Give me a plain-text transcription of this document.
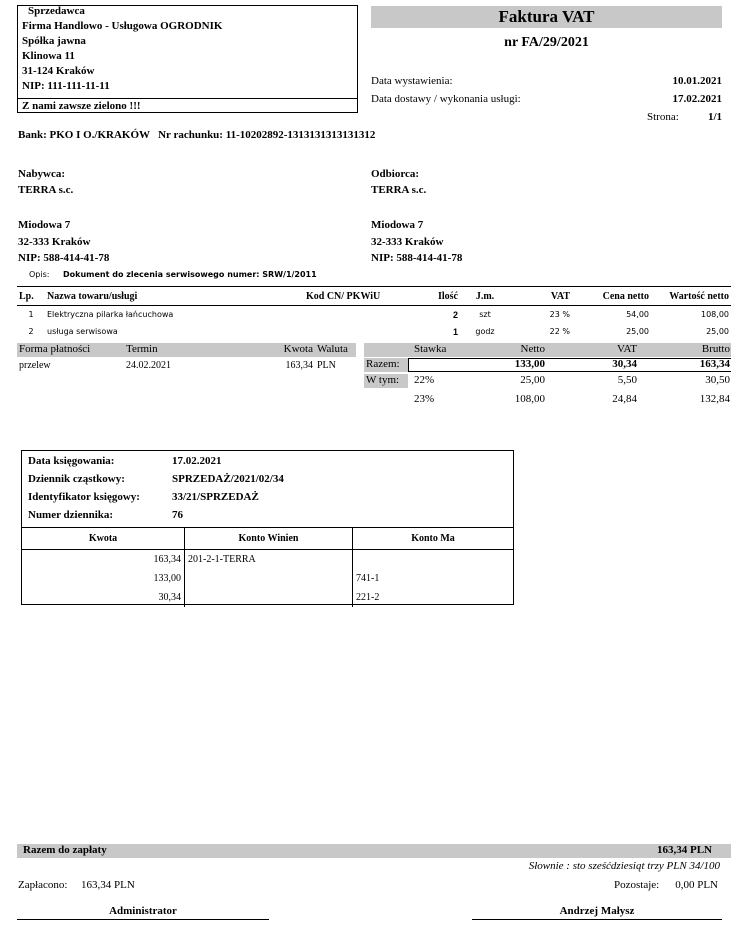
Sprzedawca
Firma Handlowo - Usługowa OGRODNIK
Spółka jawna
Klinowa 11
31-124 Kraków
NIP: 111-111-11-11
Z nami zawsze zielono !!!
Faktura VAT
nr FA/29/2021
Data wystawienia:	10.01.2021
Data dostawy / wykonania usługi:	17.02.2021
Strona:	1/1
Bank: PKO I O./KRAKÓW   Nr rachunku: 11-10202892-1313131313131312
Nabywca:
TERRA s.c.
Miodowa 7
32-333 Kraków
NIP: 588-414-41-78
Odbiorca:
TERRA s.c.
Miodowa 7
32-333 Kraków
NIP: 588-414-41-78
Opis: Dokument do zlecenia serwisowego numer: SRW/1/2011
Lp.	Nazwa towaru/usługi	Kod CN/ PKWiU	Ilość	J.m.	VAT	Cena netto	Wartość netto
1	Elektryczna pilarka łańcuchowa		2	szt	23 %	54,00	108,00
2	usługa serwisowa		1	godz	22 %	25,00	25,00
Forma płatności	Termin	Kwota Waluta
przelew	24.02.2021	163,34 PLN
Stawka	Netto	VAT	Brutto
Razem:	133,00	30,34	163,34
W tym: 22%	25,00	5,50	30,50
23%	108,00	24,84	132,84
Data księgowania:	17.02.2021
Dziennik cząstkowy:	SPRZEDAŻ/2021/02/34
Identyfikator księgowy:	33/21/SPRZEDAŻ
Numer dziennika:	76
Kwota	Konto Winien	Konto Ma
163,34	201-2-1-TERRA	
133,00		741-1
30,34		221-2
Razem do zapłaty	163,34 PLN
Słownie : sto sześćdziesiąt trzy PLN 34/100
Zapłacono: 163,34 PLN	Pozostaje:	0,00 PLN
Administrator	Andrzej Małysz
